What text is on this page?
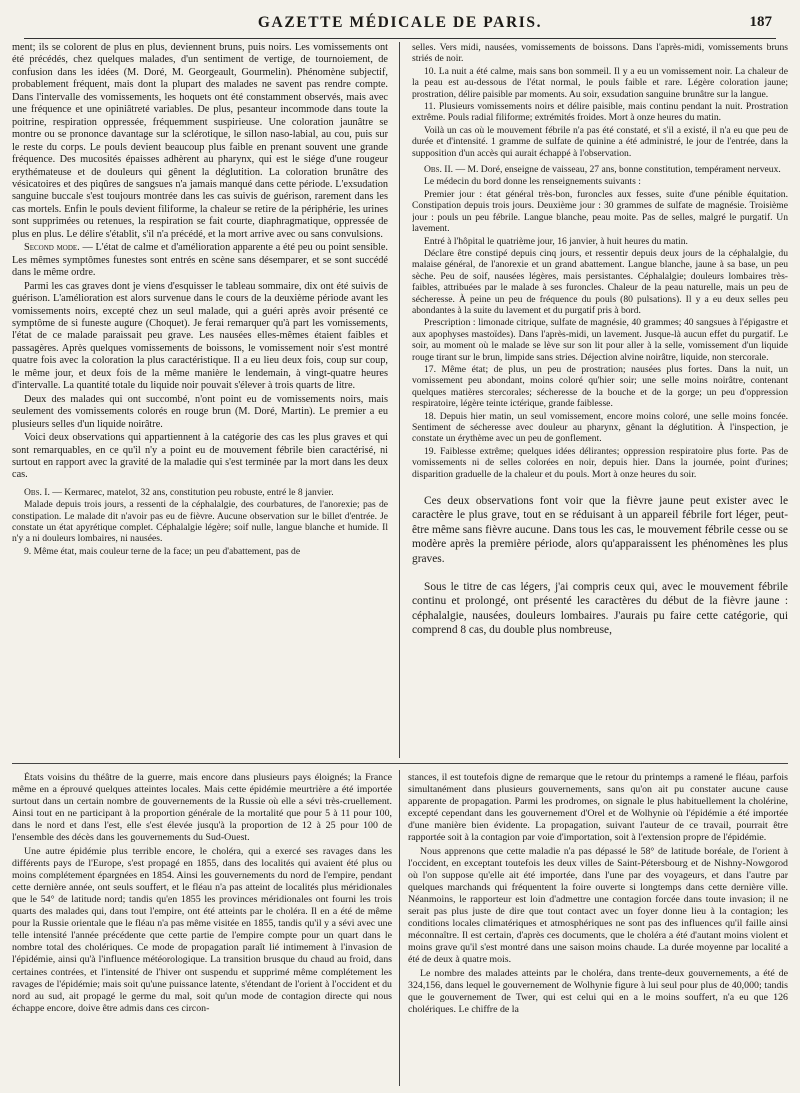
GAZETTE MÉDICALE DE PARIS.	187

ment; ils se colorent de plus en plus, deviennent bruns, puis noirs. Les vomissements ont été précédés, chez quelques malades, d'un sentiment de vertige, de tournoiement, de confusion dans les idées (M. Doré, M. Georgeault, Gourmelin). Phénomène subjectif, probablement fréquent, mais dont la plupart des malades ne savent pas rendre compte. Dans l'intervalle des vomissements, les hoquets ont été constamment observés, mais avec une fréquence et une opiniâtreté variables. De plus, pesanteur incommode dans toute la poitrine, respiration oppressée, fréquemment suspirieuse. Une coloration jaunâtre se montre ou se prononce davantage sur la sclérotique, le sillon naso-labial, au cou, puis sur le reste du corps. Le pouls devient beaucoup plus faible en prenant souvent une grande fréquence. Des mucosités épaisses adhèrent au pharynx, qui est le siége d'une rougeur erythémateuse et de douleurs qui gênent la déglutition. La coloration brunâtre des vésicatoires et des piqûres de sangsues n'a jamais manqué dans cette période. L'exsudation sanguine buccale s'est toujours montrée dans les cas suivis de guérison, rarement dans les cas mortels. Enfin le pouls devient filiforme, la chaleur se retire de la périphérie, les urines sont supprimées ou retenues, la respiration se fait courte, diaphragmatique, oppressée de plus en plus. Le délire s'établit, s'il n'a précédé, et la mort arrive avec ou sans convulsions.

Second mode. — L'état de calme et d'amélioration apparente a été peu ou point sensible. Les mêmes symptômes funestes sont entrés en scène sans désemparer, et se sont succédé dans le même ordre.

Parmi les cas graves dont je viens d'esquisser le tableau sommaire, dix ont été suivis de guérison. L'amélioration est alors survenue dans le cours de la deuxième période avant les vomissements noirs, excepté chez un seul malade, qui a guéri après avoir présenté ce symptôme de si funeste augure (Choquet). Je ferai remarquer qu'à part les vomissements, l'état de ce malade paraissait peu grave. Les nausées elles-mêmes étaient faibles et passagères. Après quelques vomissements de boissons, le vomissement noir s'est montré quatre fois avec la coloration la plus caractéristique. Il a eu lieu deux fois, coup sur coup, le même jour, et deux fois de la même manière le lendemain, à vingt-quatre heures d'intervalle. La quantité totale du liquide noir pouvait s'élever à trois quarts de litre.

Deux des malades qui ont succombé, n'ont point eu de vomissements noirs, mais seulement des vomissements colorés en rouge brun (M. Doré, Martin). Le premier a eu plusieurs selles d'un liquide noirâtre.

Voici deux observations qui appartiennent à la catégorie des cas les plus graves et qui sont remarquables, en ce qu'il n'y a point eu de mouvement fébrile bien caractérisé, ni surtout en rapport avec la gravité de la maladie qui s'est terminée par la mort dans les deux cas.

Obs. I. — Kermarec, matelot, 32 ans, constitution peu robuste, entré le 8 janvier.

Malade depuis trois jours, a ressenti de la céphalalgie, des courbatures, de l'anorexie; pas de constipation. Le malade dit n'avoir pas eu de fièvre. Aucune observation sur le billet d'entrée. Je constate un état apyrétique complet. Céphalalgie légère; soif nulle, langue blanche et humide. Il n'y a ni douleurs lombaires, ni nausées.

9. Même état, mais couleur terne de la face; un peu d'abattement, pas de

selles. Vers midi, nausées, vomissements de boissons. Dans l'après-midi, vomissements bruns striés de noir.

10. La nuit a été calme, mais sans bon sommeil. Il y a eu un vomissement noir. La chaleur de la peau est au-dessous de l'état normal, le pouls faible et rare. Légère coloration jaune; prostration, délire paisible par moments. Au soir, exsudation sanguine brunâtre sur la langue.

11. Plusieurs vomissements noirs et délire paisible, mais continu pendant la nuit. Prostration extrême. Pouls radial filiforme; extrémités froides. Mort à onze heures du matin.

Voilà un cas où le mouvement fébrile n'a pas été constaté, et s'il a existé, il n'a eu que peu de durée et d'intensité. 1 gramme de sulfate de quinine a été administré, le jour de l'entrée, dans la supposition d'un accès qui aurait échappé à l'observation.

Obs. II. — M. Doré, enseigne de vaisseau, 27 ans, bonne constitution, tempérament nerveux.

Le médecin du bord donne les renseignements suivants :

Premier jour : état général très-bon, furoncles aux fesses, suite d'une pénible équitation. Constipation depuis trois jours. Deuxième jour : 30 grammes de sulfate de magnésie. Troisième jour : pouls un peu fébrile. Langue blanche, peau moite. Pas de selles, malgré le purgatif. Un lavement.

Entré à l'hôpital le quatrième jour, 16 janvier, à huit heures du matin.

Déclare être constipé depuis cinq jours, et ressentir depuis deux jours de la céphalalgie, du malaise général, de l'anorexie et un grand abattement. Langue blanche, jaune à sa base, un peu sèche. Peu de soif, nausées légères, mais persistantes. Céphalalgie; douleurs lombaires très-faibles, attribuées par le malade à ses furoncles. Chaleur de la peau naturelle, mais un peu de sécheresse. À peine un peu de fréquence du pouls (80 pulsations). Il y a eu deux selles peu abondantes à la suite du lavement et du purgatif pris à bord.

Prescription : limonade citrique, sulfate de magnésie, 40 grammes; 40 sangsues à l'épigastre et aux apophyses mastoïdes). Dans l'après-midi, un lavement. Jusque-là aucun effet du purgatif. Le soir, au moment où le malade se lève sur son lit pour aller à la selle, vomissement d'un liquide rouge tirant sur le brun, limpide sans stries. Déjection alvine noirâtre, liquide, non stercorale.

17. Même état; de plus, un peu de prostration; nausées plus fortes. Dans la nuit, un vomissement peu abondant, moins coloré qu'hier soir; une selle moins noirâtre, contenant quelques matières stercorales; sécheresse de la bouche et de la gorge; un peu d'oppression respiratoire, légère teinte ictérique, grande faiblesse.

18. Depuis hier matin, un seul vomissement, encore moins coloré, une selle moins foncée. Sentiment de sécheresse avec douleur au pharynx, gênant la déglutition. À l'inspection, je constate un érythème avec un peu de gonflement.

19. Faiblesse extrême; quelques idées délirantes; oppression respiratoire plus forte. Pas de vomissements ni de selles colorées en noir, depuis hier. Dans la journée, point d'urines; disparition graduelle de la chaleur et du pouls. Mort à onze heures du soir.

Ces deux observations font voir que la fièvre jaune peut exister avec le caractère le plus grave, tout en se réduisant à un appareil fébrile fort léger, peut-être même sans fièvre aucune. Dans tous les cas, le mouvement fébrile cesse ou se modère après la première période, alors qu'apparaissent les phénomènes les plus graves.

Sous le titre de cas légers, j'ai compris ceux qui, avec le mouvement fébrile continu et prolongé, ont présenté les caractères du début de la fièvre jaune : céphalalgie, nausées, douleurs lombaires. J'aurais pu faire cette catégorie, qui comprend 8 cas, du double plus nombreuse,

États voisins du théâtre de la guerre, mais encore dans plusieurs pays éloignés; la France même en a éprouvé quelques atteintes locales. Mais cette épidémie meurtrière a été importée surtout dans un certain nombre de gouvernements de la Russie où elle a sévi très-cruellement. Ainsi tout en ne participant à la proportion générale de la mortalité que pour 5 à 11 pour 100, dans le nord et dans l'est, elle s'est élevée jusqu'à la proportion de 12 à 25 pour 100 de l'ensemble des décès dans les gouvernements du Sud-Ouest.

Une autre épidémie plus terrible encore, le choléra, qui a exercé ses ravages dans les différents pays de l'Europe, s'est propagé en 1855, dans des localités qui avaient été plus ou moins complétement épargnées en 1854. Ainsi les gouvernements du nord de l'empire, pendant cette dernière année, ont seuls souffert, et le fléau n'a pas atteint de localités plus méridionales que le 54° de latitude nord; tandis qu'en 1855 les provinces méridionales ont fourni les trois quarts des malades qui, dans tout l'empire, ont été atteints par le choléra. Il en a été de même pour la Russie orientale que le fléau n'a pas même visitée en 1855, tandis qu'il y a sévi avec une telle intensité l'année précédente que cette partie de l'empire compte pour un quart dans le nombre total des cholériques. Ce mode de propagation paraît lié intimement à l'invasion de l'épidémie, ainsi qu'à l'influence météorologique. La transition brusque du chaud au froid, dans certaines contrées, et l'intensité de l'hiver ont suspendu et supprimé même complétement les ravages de l'épidémie; mais soit qu'une puissance latente, s'étendant de l'orient à l'occident et du nord au sud, ait propagé le germe du mal, soit qu'un mode de contagion directe qui nous échappe encore, doive être admis dans ces circon-

stances, il est toutefois digne de remarque que le retour du printemps a ramené le fléau, parfois simultanément dans plusieurs gouvernements, sans qu'on ait pu constater aucune cause apparente de propagation. Parmi les prodromes, on signale le plus habituellement la cholérine, excepté cependant dans les gouvernement d'Orel et de Wolhynie où l'épidémie a été importée d'une manière bien évidente. La propagation, suivant l'auteur de ce travail, pourrait être rapportée soit à la contagion par voie d'importation, soit à l'extension propre de l'épidémie.

Nous apprenons que cette maladie n'a pas dépassé le 58° de latitude boréale, de l'orient à l'occident, en exceptant toutefois les deux villes de Saint-Pétersbourg et de Nishny-Nowgorod où l'on suppose qu'elle ait été importée, dans l'une par des voyageurs, et dans l'autre par quelques marchands qui fréquentent la foire ouverte si longtemps dans cette dernière ville. Néanmoins, le rapporteur est loin d'admettre une contagion forcée dans toute invasion; il ne serait pas plus juste de dire que tout contact avec un foyer donne lieu à la contagion; les conditions locales climatériques et atmosphériques ne sont pas des influences qu'il faille ainsi méconnaître. Il est certain, d'après ces documents, que le choléra a été d'autant moins violent et moins grave qu'il s'est montré dans une saison moins chaude. La durée moyenne par localité a été de deux à quatre mois.

Le nombre des malades atteints par le choléra, dans trente-deux gouvernements, a été de 324,156, dans lequel le gouvernement de Wolhynie figure à lui seul pour plus de 40,000; tandis que le gouvernement de Twer, qui est celui qui en a le moins souffert, n'a eu que 126 cholériques. Le chiffre de la
